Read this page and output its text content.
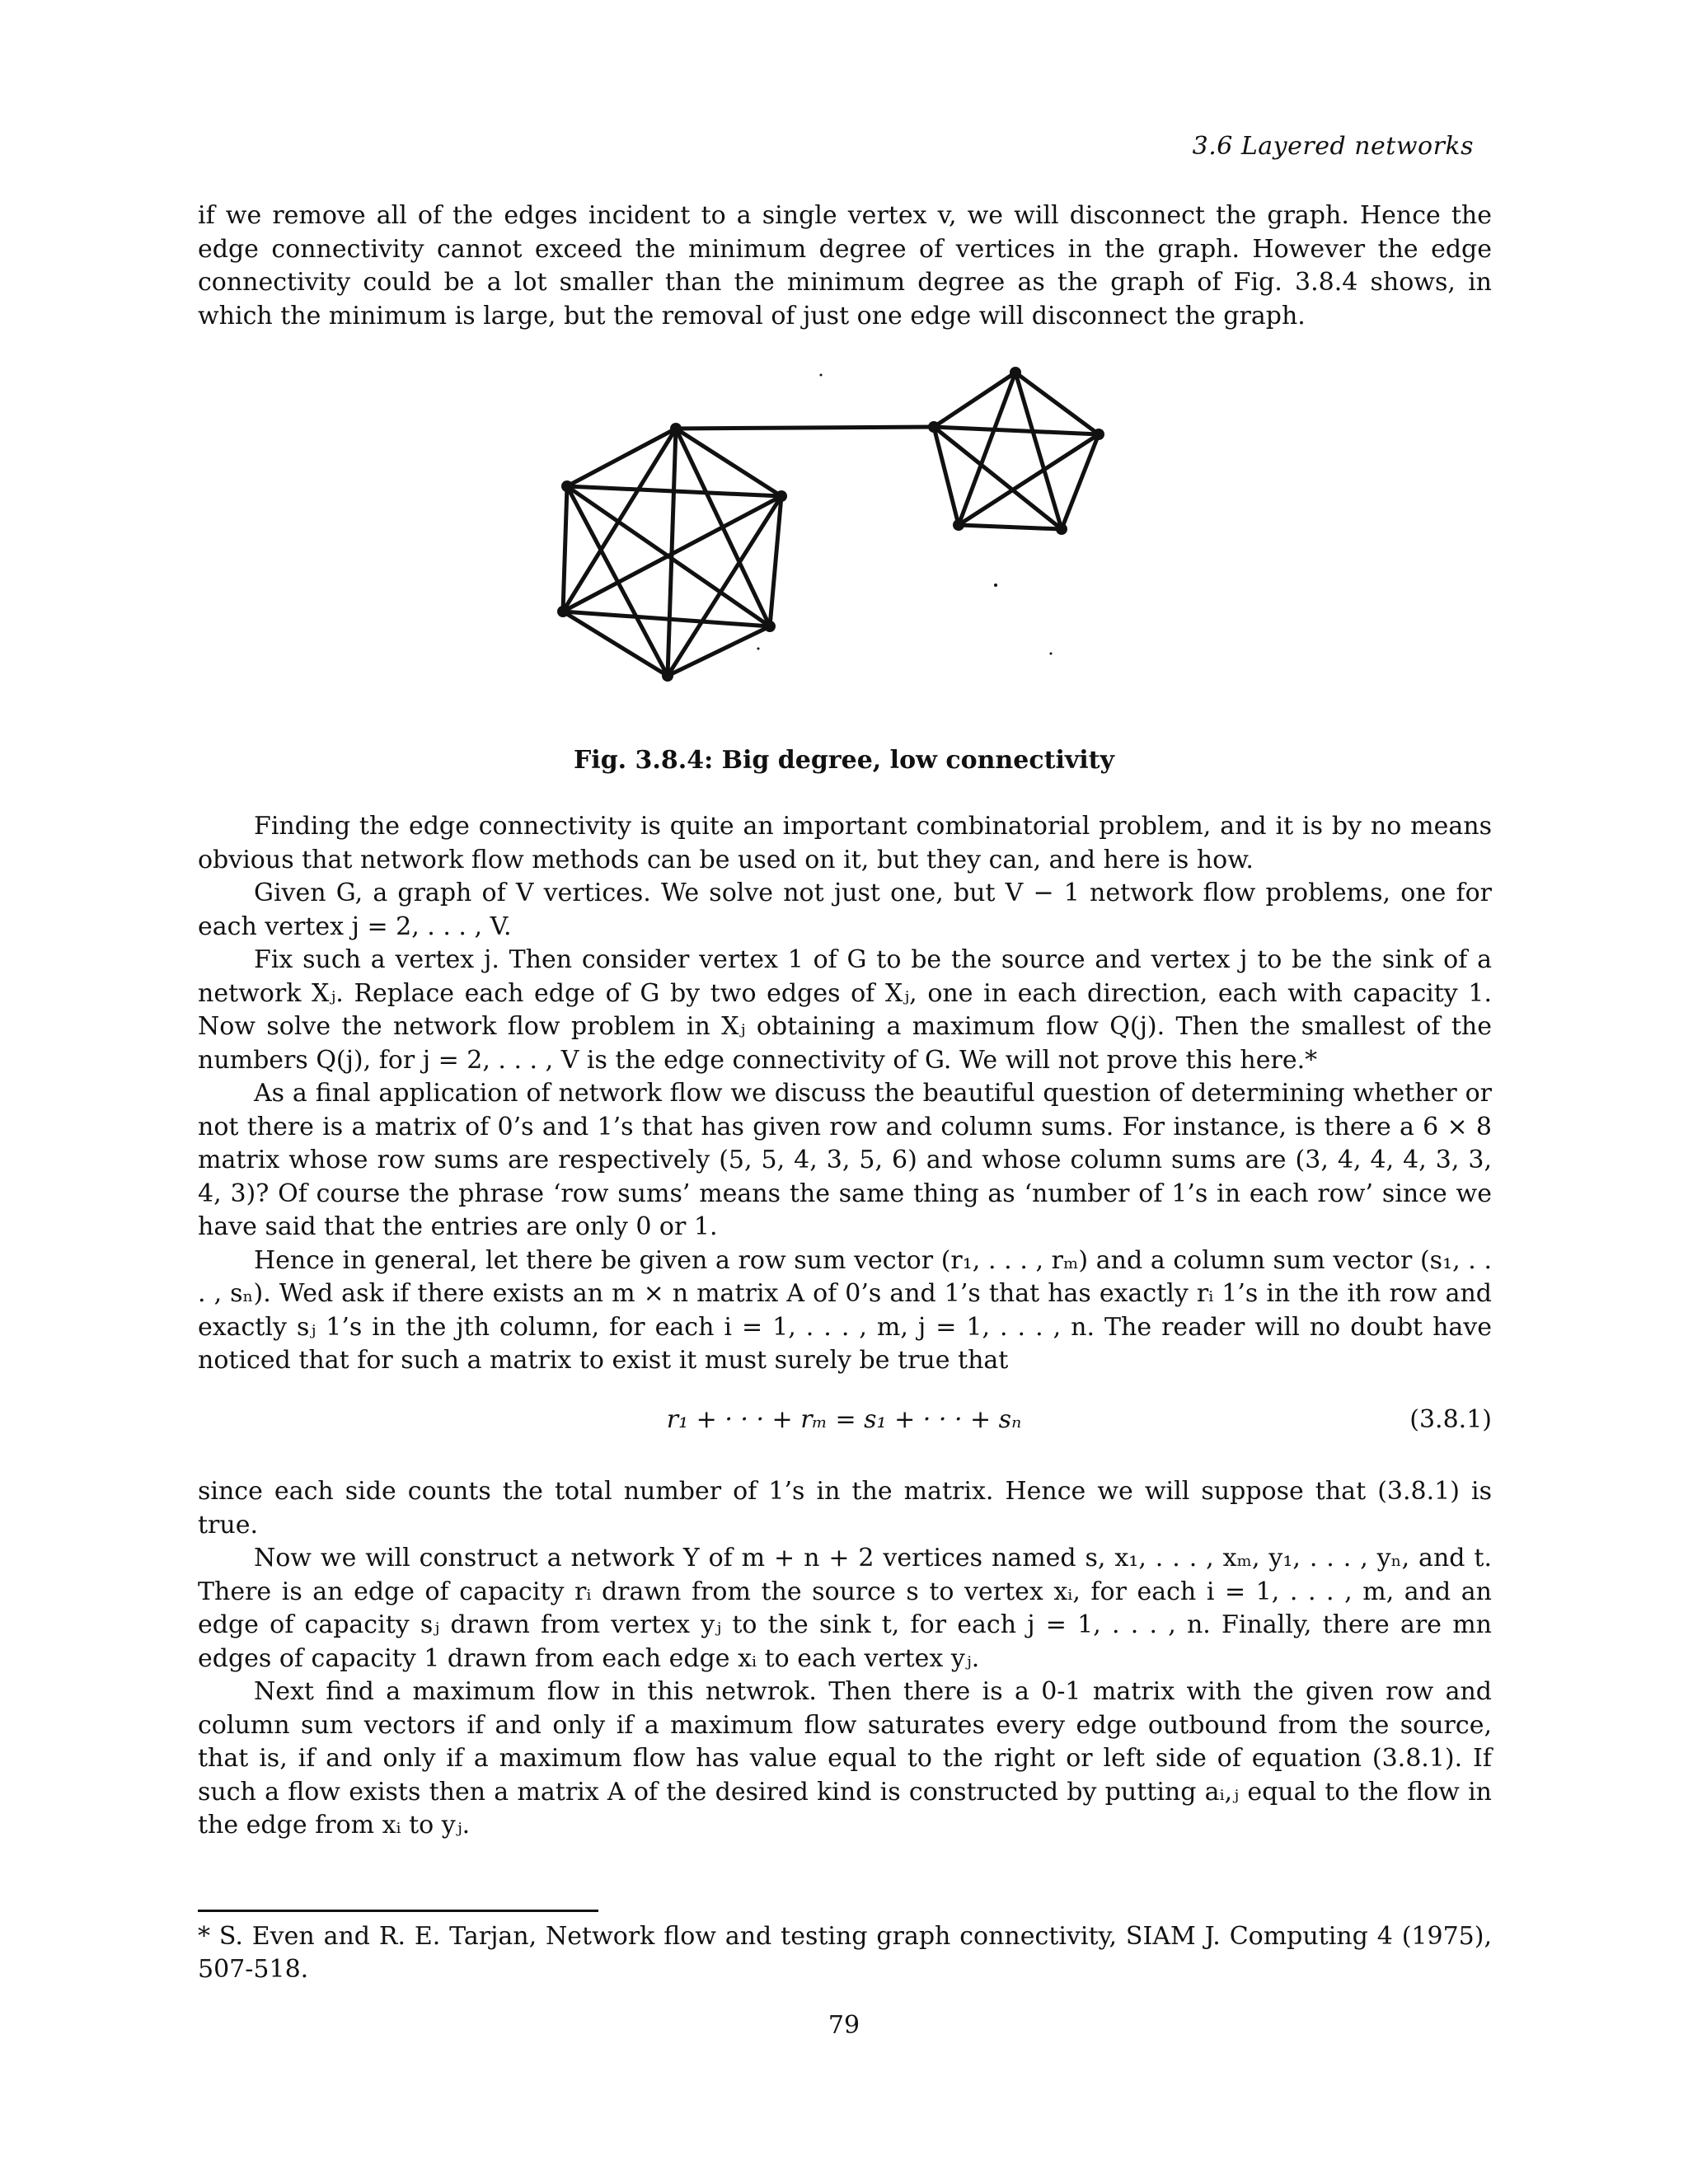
3.6 Layered networks

if we remove all of the edges incident to a single vertex v, we will disconnect the graph. Hence the edge connectivity cannot exceed the minimum degree of vertices in the graph. However the edge connectivity could be a lot smaller than the minimum degree as the graph of Fig. 3.8.4 shows, in which the minimum is large, but the removal of just one edge will disconnect the graph.

Fig. 3.8.4: Big degree, low connectivity

Finding the edge connectivity is quite an important combinatorial problem, and it is by no means obvious that network flow methods can be used on it, but they can, and here is how.

Given G, a graph of V vertices. We solve not just one, but V − 1 network flow problems, one for each vertex j = 2, . . . , V.

Fix such a vertex j. Then consider vertex 1 of G to be the source and vertex j to be the sink of a network Xⱼ. Replace each edge of G by two edges of Xⱼ, one in each direction, each with capacity 1. Now solve the network flow problem in Xⱼ obtaining a maximum flow Q(j). Then the smallest of the numbers Q(j), for j = 2, . . . , V is the edge connectivity of G. We will not prove this here.*

As a final application of network flow we discuss the beautiful question of determining whether or not there is a matrix of 0’s and 1’s that has given row and column sums. For instance, is there a 6 × 8 matrix whose row sums are respectively (5, 5, 4, 3, 5, 6) and whose column sums are (3, 4, 4, 4, 3, 3, 4, 3)? Of course the phrase ‘row sums’ means the same thing as ‘number of 1’s in each row’ since we have said that the entries are only 0 or 1.

Hence in general, let there be given a row sum vector (r₁, . . . , rₘ) and a column sum vector (s₁, . . . , sₙ). Wed ask if there exists an m × n matrix A of 0’s and 1’s that has exactly rᵢ 1’s in the ith row and exactly sⱼ 1’s in the jth column, for each i = 1, . . . , m, j = 1, . . . , n. The reader will no doubt have noticed that for such a matrix to exist it must surely be true that

r₁ + · · · + rₘ = s₁ + · · · + sₙ	(3.8.1)

since each side counts the total number of 1’s in the matrix. Hence we will suppose that (3.8.1) is true.

Now we will construct a network Y of m + n + 2 vertices named s, x₁, . . . , xₘ, y₁, . . . , yₙ, and t. There is an edge of capacity rᵢ drawn from the source s to vertex xᵢ, for each i = 1, . . . , m, and an edge of capacity sⱼ drawn from vertex yⱼ to the sink t, for each j = 1, . . . , n. Finally, there are mn edges of capacity 1 drawn from each edge xᵢ to each vertex yⱼ.

Next find a maximum flow in this netwrok. Then there is a 0-1 matrix with the given row and column sum vectors if and only if a maximum flow saturates every edge outbound from the source, that is, if and only if a maximum flow has value equal to the right or left side of equation (3.8.1). If such a flow exists then a matrix A of the desired kind is constructed by putting aᵢ,ⱼ equal to the flow in the edge from xᵢ to yⱼ.

* S. Even and R. E. Tarjan, Network flow and testing graph connectivity, SIAM J. Computing 4 (1975), 507-518.
79
